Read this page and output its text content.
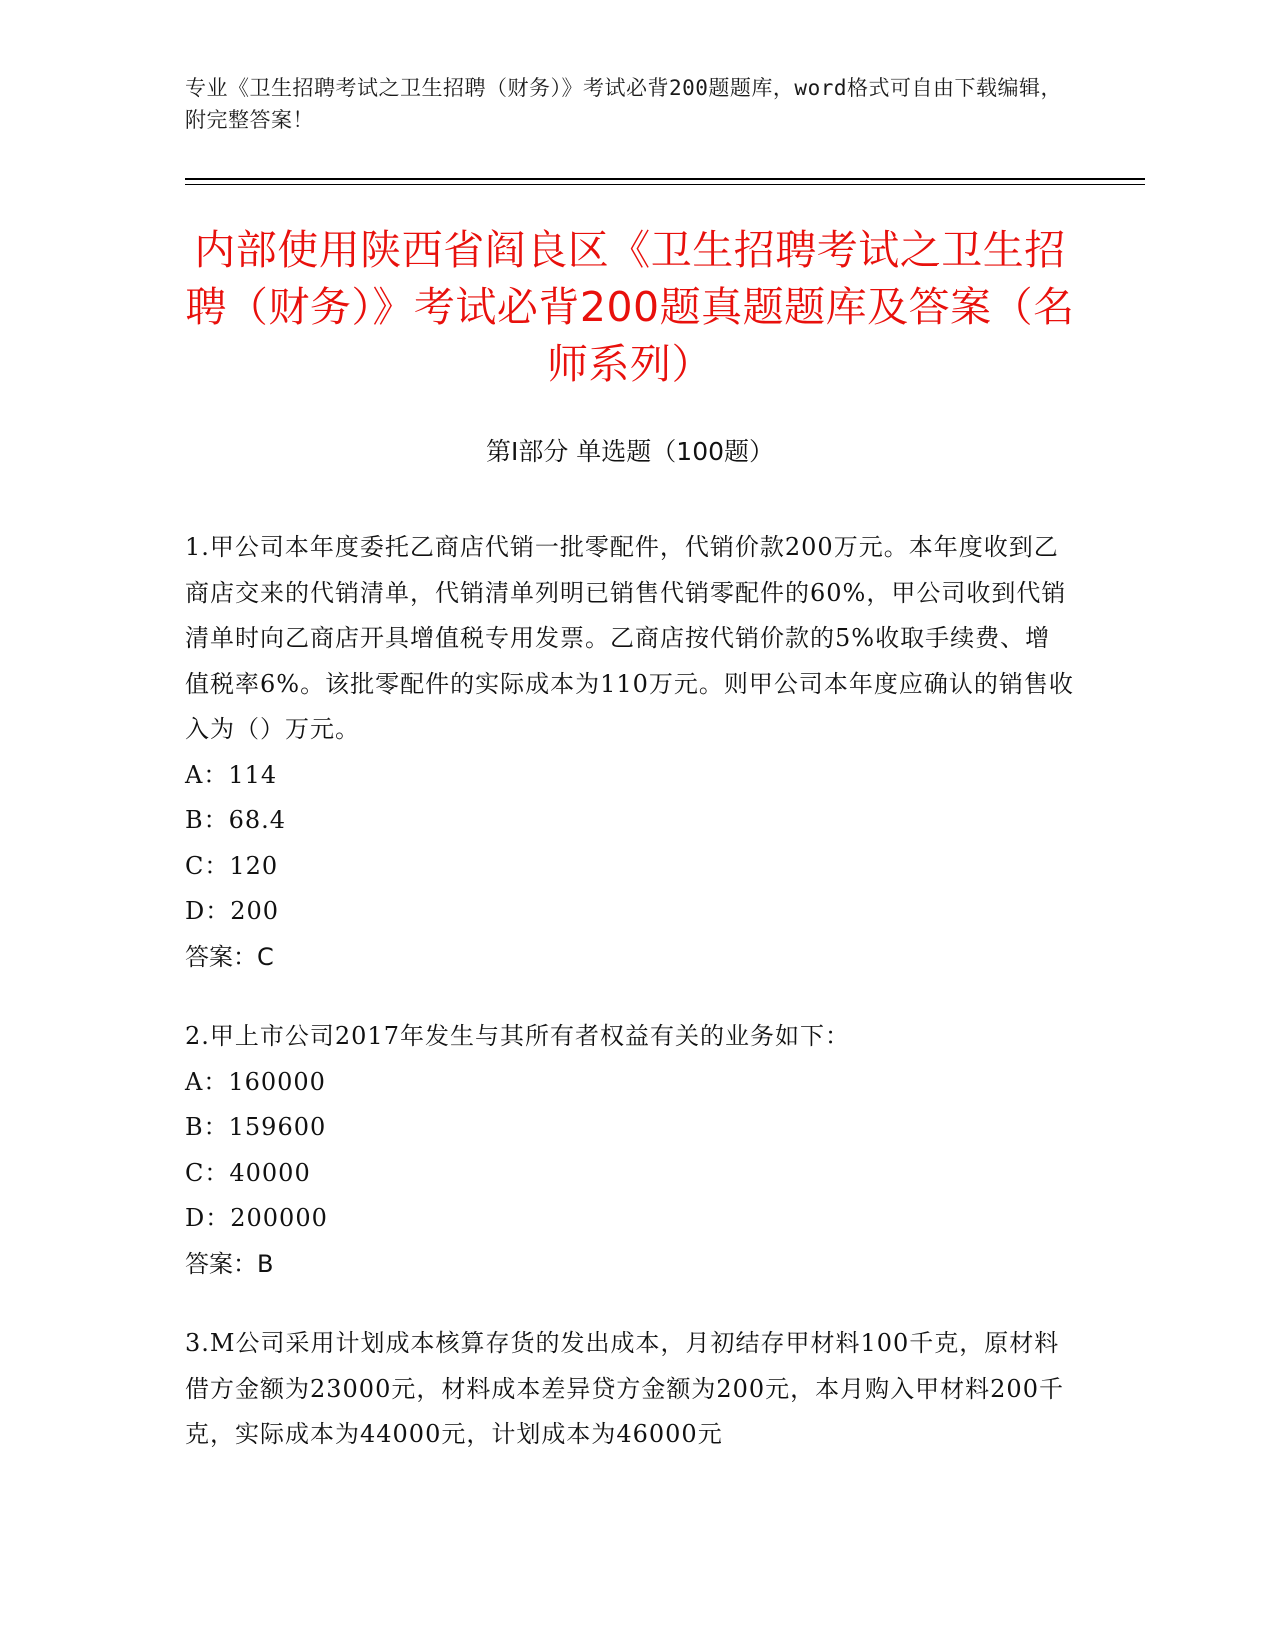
专业《卫生招聘考试之卫生招聘（财务）》考试必背200题题库，word格式可自由下载编辑，附完整答案！
内部使用陕西省阎良区《卫生招聘考试之卫生招聘（财务）》考试必背200题真题题库及答案（名师系列）
第I部分 单选题（100题）

1.甲公司本年度委托乙商店代销一批零配件，代销价款200万元。本年度收到乙商店交来的代销清单，代销清单列明已销售代销零配件的60%，甲公司收到代销清单时向乙商店开具增值税专用发票。乙商店按代销价款的5%收取手续费、增值税率6%。该批零配件的实际成本为110万元。则甲公司本年度应确认的销售收入为（）万元。

A：114

B：68.4

C：120

D：200

答案：C

2.甲上市公司2017年发生与其所有者权益有关的业务如下：

A：160000

B：159600

C：40000

D：200000

答案：B

3.M公司采用计划成本核算存货的发出成本，月初结存甲材料100千克，原材料借方金额为23000元，材料成本差异贷方金额为200元，本月购入甲材料200千克，实际成本为44000元，计划成本为46000元
